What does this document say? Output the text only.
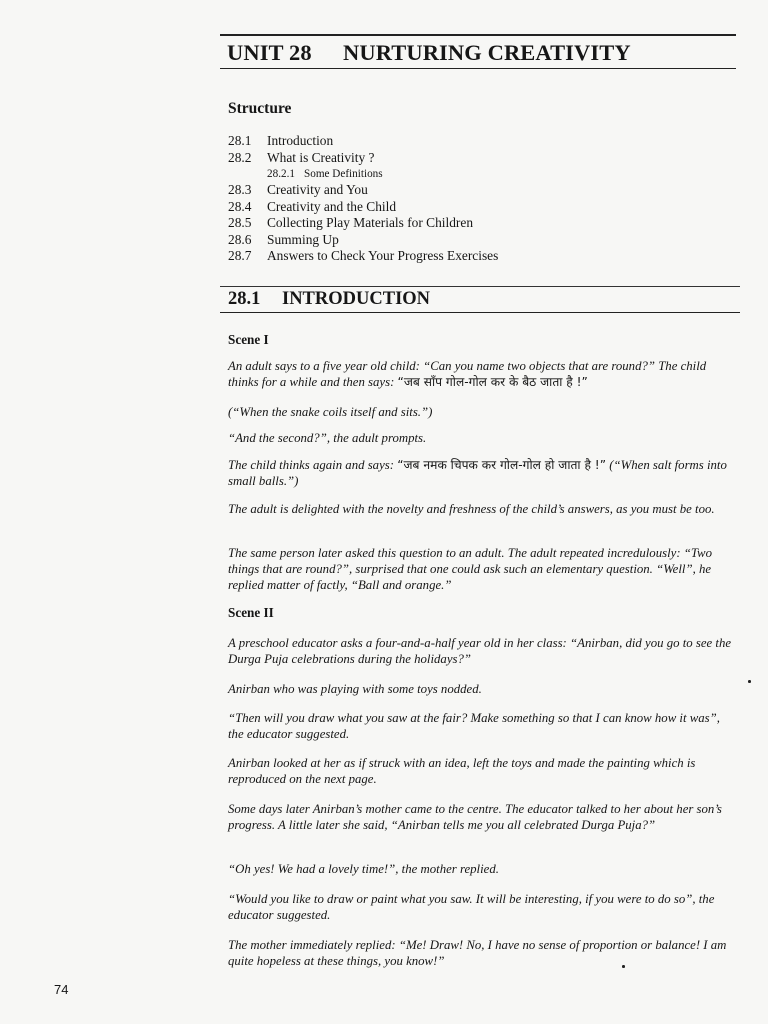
UNIT 28 NURTURING CREATIVITY
Structure
28.1	Introduction
28.2	What is Creativity ?
28.2.1 Some Definitions
28.3	Creativity and You
28.4	Creativity and the Child
28.5	Collecting Play Materials for Children
28.6	Summing Up
28.7	Answers to Check Your Progress Exercises
28.1 INTRODUCTION
Scene I
An adult says to a five year old child: “Can you name two objects that are round?” The child thinks for a while and then says: “जब साँप गोल-गोल कर के बैठ जाता है !”
(“When the snake coils itself and sits.”)
“And the second?”, the adult prompts.
The child thinks again and says: “जब नमक चिपक कर गोल-गोल हो जाता है !” (“When salt forms into small balls.”)
The adult is delighted with the novelty and freshness of the child’s answers, as you must be too.
The same person later asked this question to an adult. The adult repeated incredulously: “Two things that are round?”, surprised that one could ask such an elementary question. “Well”, he replied matter of factly, “Ball and orange.”
Scene II
A preschool educator asks a four-and-a-half year old in her class: “Anirban, did you go to see the Durga Puja celebrations during the holidays?”
Anirban who was playing with some toys nodded.
“Then will you draw what you saw at the fair? Make something so that I can know how it was”, the educator suggested.
Anirban looked at her as if struck with an idea, left the toys and made the painting which is reproduced on the next page.
Some days later Anirban’s mother came to the centre. The educator talked to her about her son’s progress. A little later she said, “Anirban tells me you all celebrated Durga Puja?”
“Oh yes! We had a lovely time!”, the mother replied.
“Would you like to draw or paint what you saw. It will be interesting, if you were to do so”, the educator suggested.
The mother immediately replied: “Me! Draw! No, I have no sense of proportion or balance! I am quite hopeless at these things, you know!”
74
